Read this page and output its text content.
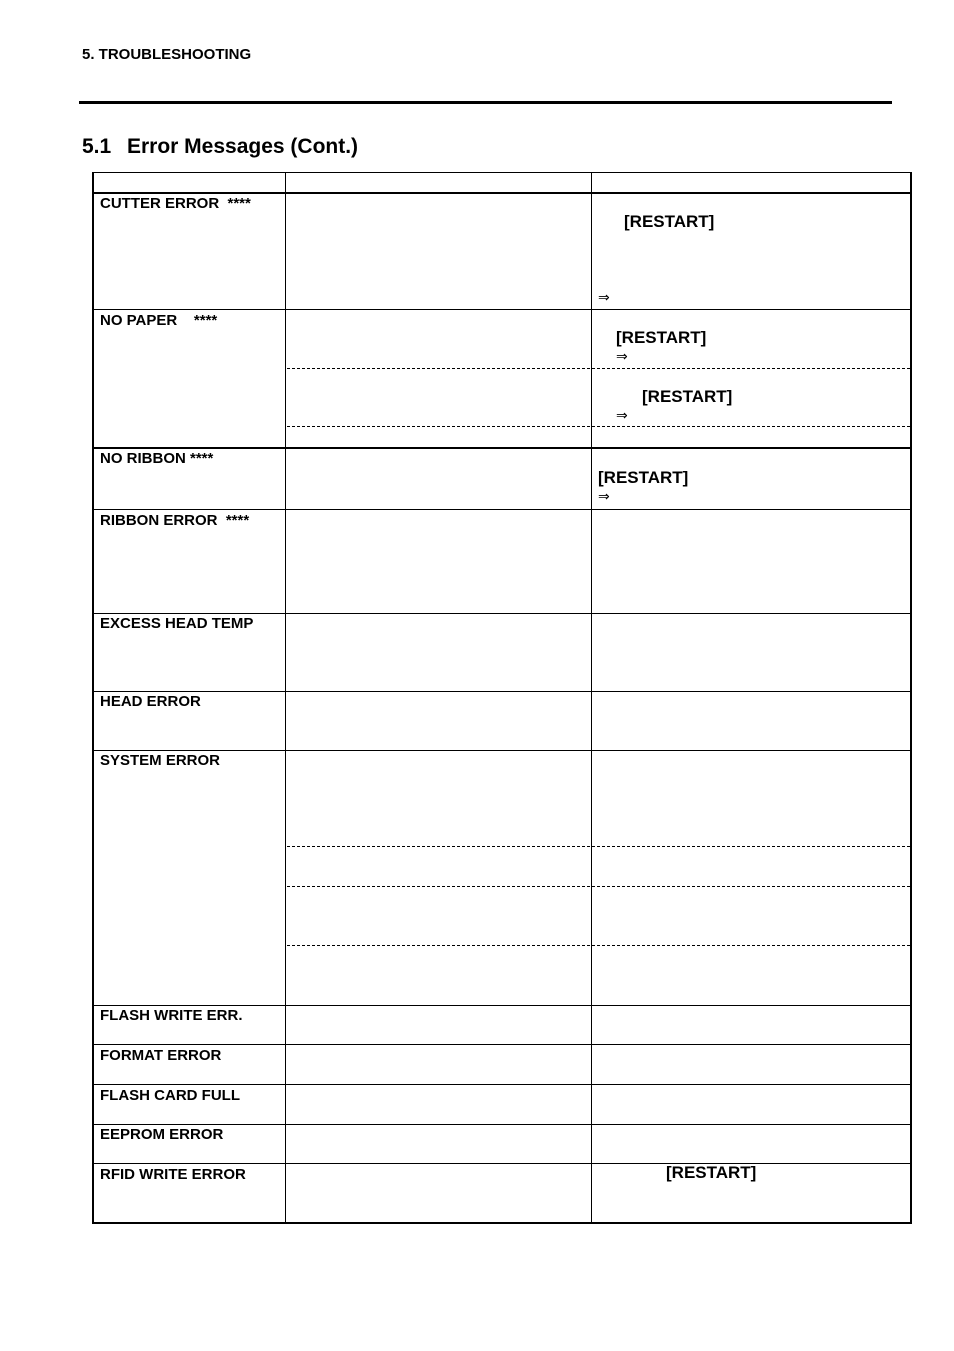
5. TROUBLESHOOTING
5.1 Error Messages (Cont.)
CUTTER ERROR  ****
NO PAPER    ****
NO RIBBON ****
RIBBON ERROR  ****
EXCESS HEAD TEMP
HEAD ERROR
SYSTEM ERROR
FLASH WRITE ERR.
FORMAT ERROR
FLASH CARD FULL
EEPROM ERROR
RFID WRITE ERROR
[RESTART]
⇒
[RESTART]
⇒
[RESTART]
⇒
[RESTART]
⇒
[RESTART]
